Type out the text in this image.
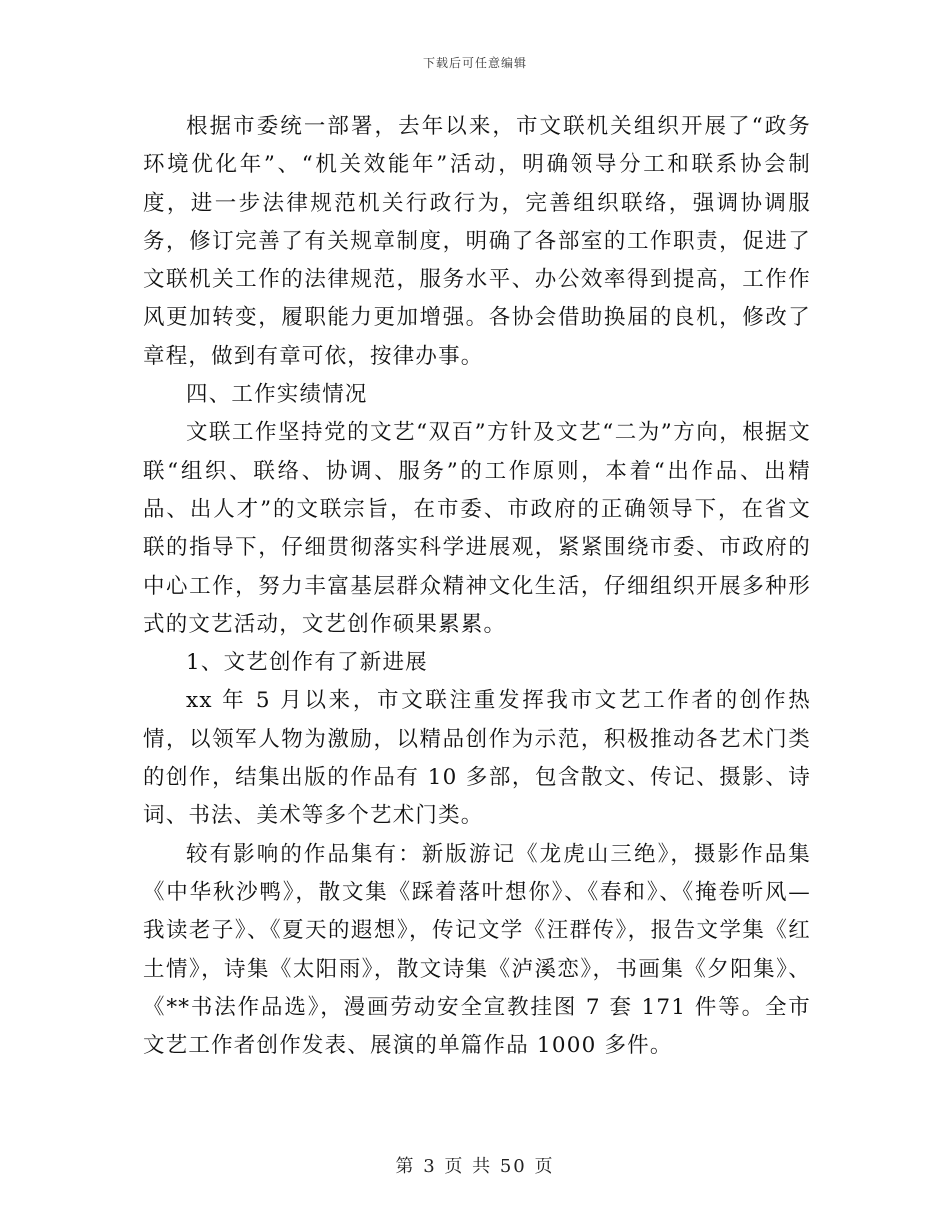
下载后可任意编辑

根据市委统一部署，去年以来，市文联机关组织开展了“政务环境优化年”、“机关效能年”活动，明确领导分工和联系协会制度，进一步法律规范机关行政行为，完善组织联络，强调协调服务，修订完善了有关规章制度，明确了各部室的工作职责，促进了文联机关工作的法律规范，服务水平、办公效率得到提高，工作作风更加转变，履职能力更加增强。各协会借助换届的良机，修改了章程，做到有章可依，按律办事。

四、工作实绩情况

文联工作坚持党的文艺“双百”方针及文艺“二为”方向，根据文联“组织、联络、协调、服务”的工作原则，本着“出作品、出精品、出人才”的文联宗旨，在市委、市政府的正确领导下，在省文联的指导下，仔细贯彻落实科学进展观，紧紧围绕市委、市政府的中心工作，努力丰富基层群众精神文化生活，仔细组织开展多种形式的文艺活动，文艺创作硕果累累。

1、文艺创作有了新进展

xx 年 5 月以来，市文联注重发挥我市文艺工作者的创作热情，以领军人物为激励，以精品创作为示范，积极推动各艺术门类的创作，结集出版的作品有 10 多部，包含散文、传记、摄影、诗词、书法、美术等多个艺术门类。

较有影响的作品集有：新版游记《龙虎山三绝》，摄影作品集《中华秋沙鸭》，散文集《踩着落叶想你》、《春和》、《掩卷听风—我读老子》、《夏天的遐想》，传记文学《汪群传》，报告文学集《红土情》，诗集《太阳雨》，散文诗集《泸溪恋》，书画集《夕阳集》、《**书法作品选》，漫画劳动安全宣教挂图 7 套 171 件等。全市文艺工作者创作发表、展演的单篇作品 1000 多件。

第 3 页 共 50 页
